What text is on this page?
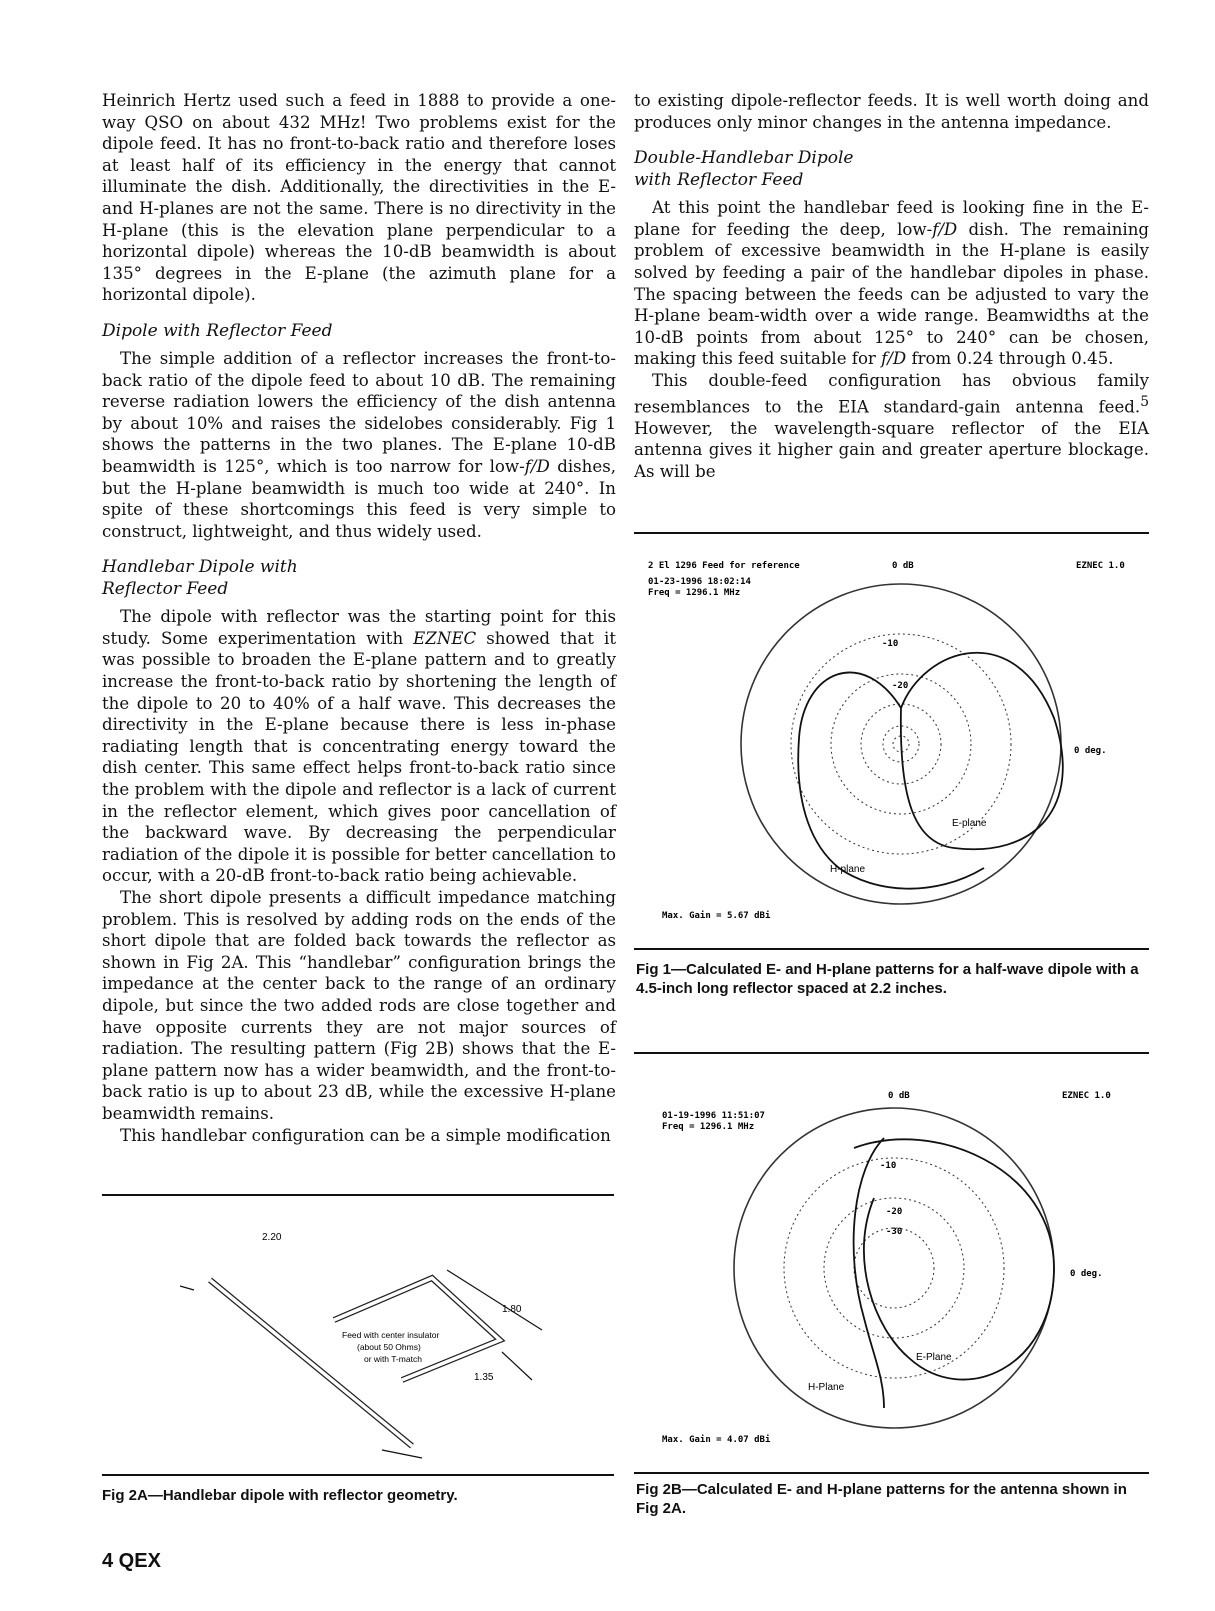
Heinrich Hertz used such a feed in 1888 to provide a one-way QSO on about 432 MHz! Two problems exist for the dipole feed. It has no front-to-back ratio and therefore loses at least half of its efficiency in the energy that cannot illuminate the dish. Additionally, the directivities in the E- and H-planes are not the same. There is no directivity in the H-plane (this is the elevation plane perpendicular to a horizontal dipole) whereas the 10-dB beamwidth is about 135° degrees in the E-plane (the azimuth plane for a horizontal dipole).

Dipole with Reflector Feed

The simple addition of a reflector increases the front-to-back ratio of the dipole feed to about 10 dB. The remaining reverse radiation lowers the efficiency of the dish antenna by about 10% and raises the sidelobes considerably. Fig 1 shows the patterns in the two planes. The E-plane 10-dB beamwidth is 125°, which is too narrow for low-f/D dishes, but the H-plane beamwidth is much too wide at 240°. In spite of these shortcomings this feed is very simple to construct, lightweight, and thus widely used.

Handlebar Dipole with
Reflector Feed

The dipole with reflector was the starting point for this study. Some experimentation with EZNEC showed that it was possible to broaden the E-plane pattern and to greatly increase the front-to-back ratio by shortening the length of the dipole to 20 to 40% of a half wave. This decreases the directivity in the E-plane because there is less in-phase radiating length that is concentrating energy toward the dish center. This same effect helps front-to-back ratio since the problem with the dipole and reflector is a lack of current in the reflector element, which gives poor cancellation of the backward wave. By decreasing the perpendicular radiation of the dipole it is possible for better cancellation to occur, with a 20-dB front-to-back ratio being achievable.

The short dipole presents a difficult impedance matching problem. This is resolved by adding rods on the ends of the short dipole that are folded back towards the reflector as shown in Fig 2A. This “handlebar” configuration brings the impedance at the center back to the range of an ordinary dipole, but since the two added rods are close together and have opposite currents they are not major sources of radiation. The resulting pattern (Fig 2B) shows that the E-plane pattern now has a wider beamwidth, and the front-to-back ratio is up to about 23 dB, while the excessive H-plane beamwidth remains.

This handlebar configuration can be a simple modification

to existing dipole-reflector feeds. It is well worth doing and produces only minor changes in the antenna impedance.

Double-Handlebar Dipole
with Reflector Feed

At this point the handlebar feed is looking fine in the E-plane for feeding the deep, low-f/D dish. The remaining problem of excessive beamwidth in the H-plane is easily solved by feeding a pair of the handlebar dipoles in phase. The spacing between the feeds can be adjusted to vary the H-plane beam-width over a wide range. Beamwidths at the 10-dB points from about 125° to 240° can be chosen, making this feed suitable for f/D from 0.24 through 0.45.

This double-feed configuration has obvious family resemblances to the EIA standard-gain antenna feed.$^5$ However, the wavelength-square reflector of the EIA antenna gives it higher gain and greater aperture blockage. As will be

2 El 1296 Feed for reference	0 dB	EZNEC 1.0
01-23-1996 18:02:14
Freq = 1296.1 MHz
-10
-20
0 deg.
E-plane
H-plane
Max. Gain = 5.67 dBi
Fig 1—Calculated E- and H-plane patterns for a half-wave dipole with a 4.5-inch long reflector spaced at 2.2 inches.
0 dB	EZNEC 1.0
01-19-1996 11:51:07
Freq = 1296.1 MHz
-10
-20
-30
0 deg.
E-Plane
H-Plane
Max. Gain = 4.07 dBi
Fig 2B—Calculated E- and H-plane patterns for the antenna shown in Fig 2A.
2.20
1.80
1.35
Feed with center insulator
(about 50 Ohms)
or with T-match
Fig 2A—Handlebar dipole with reflector geometry.
4 QEX
